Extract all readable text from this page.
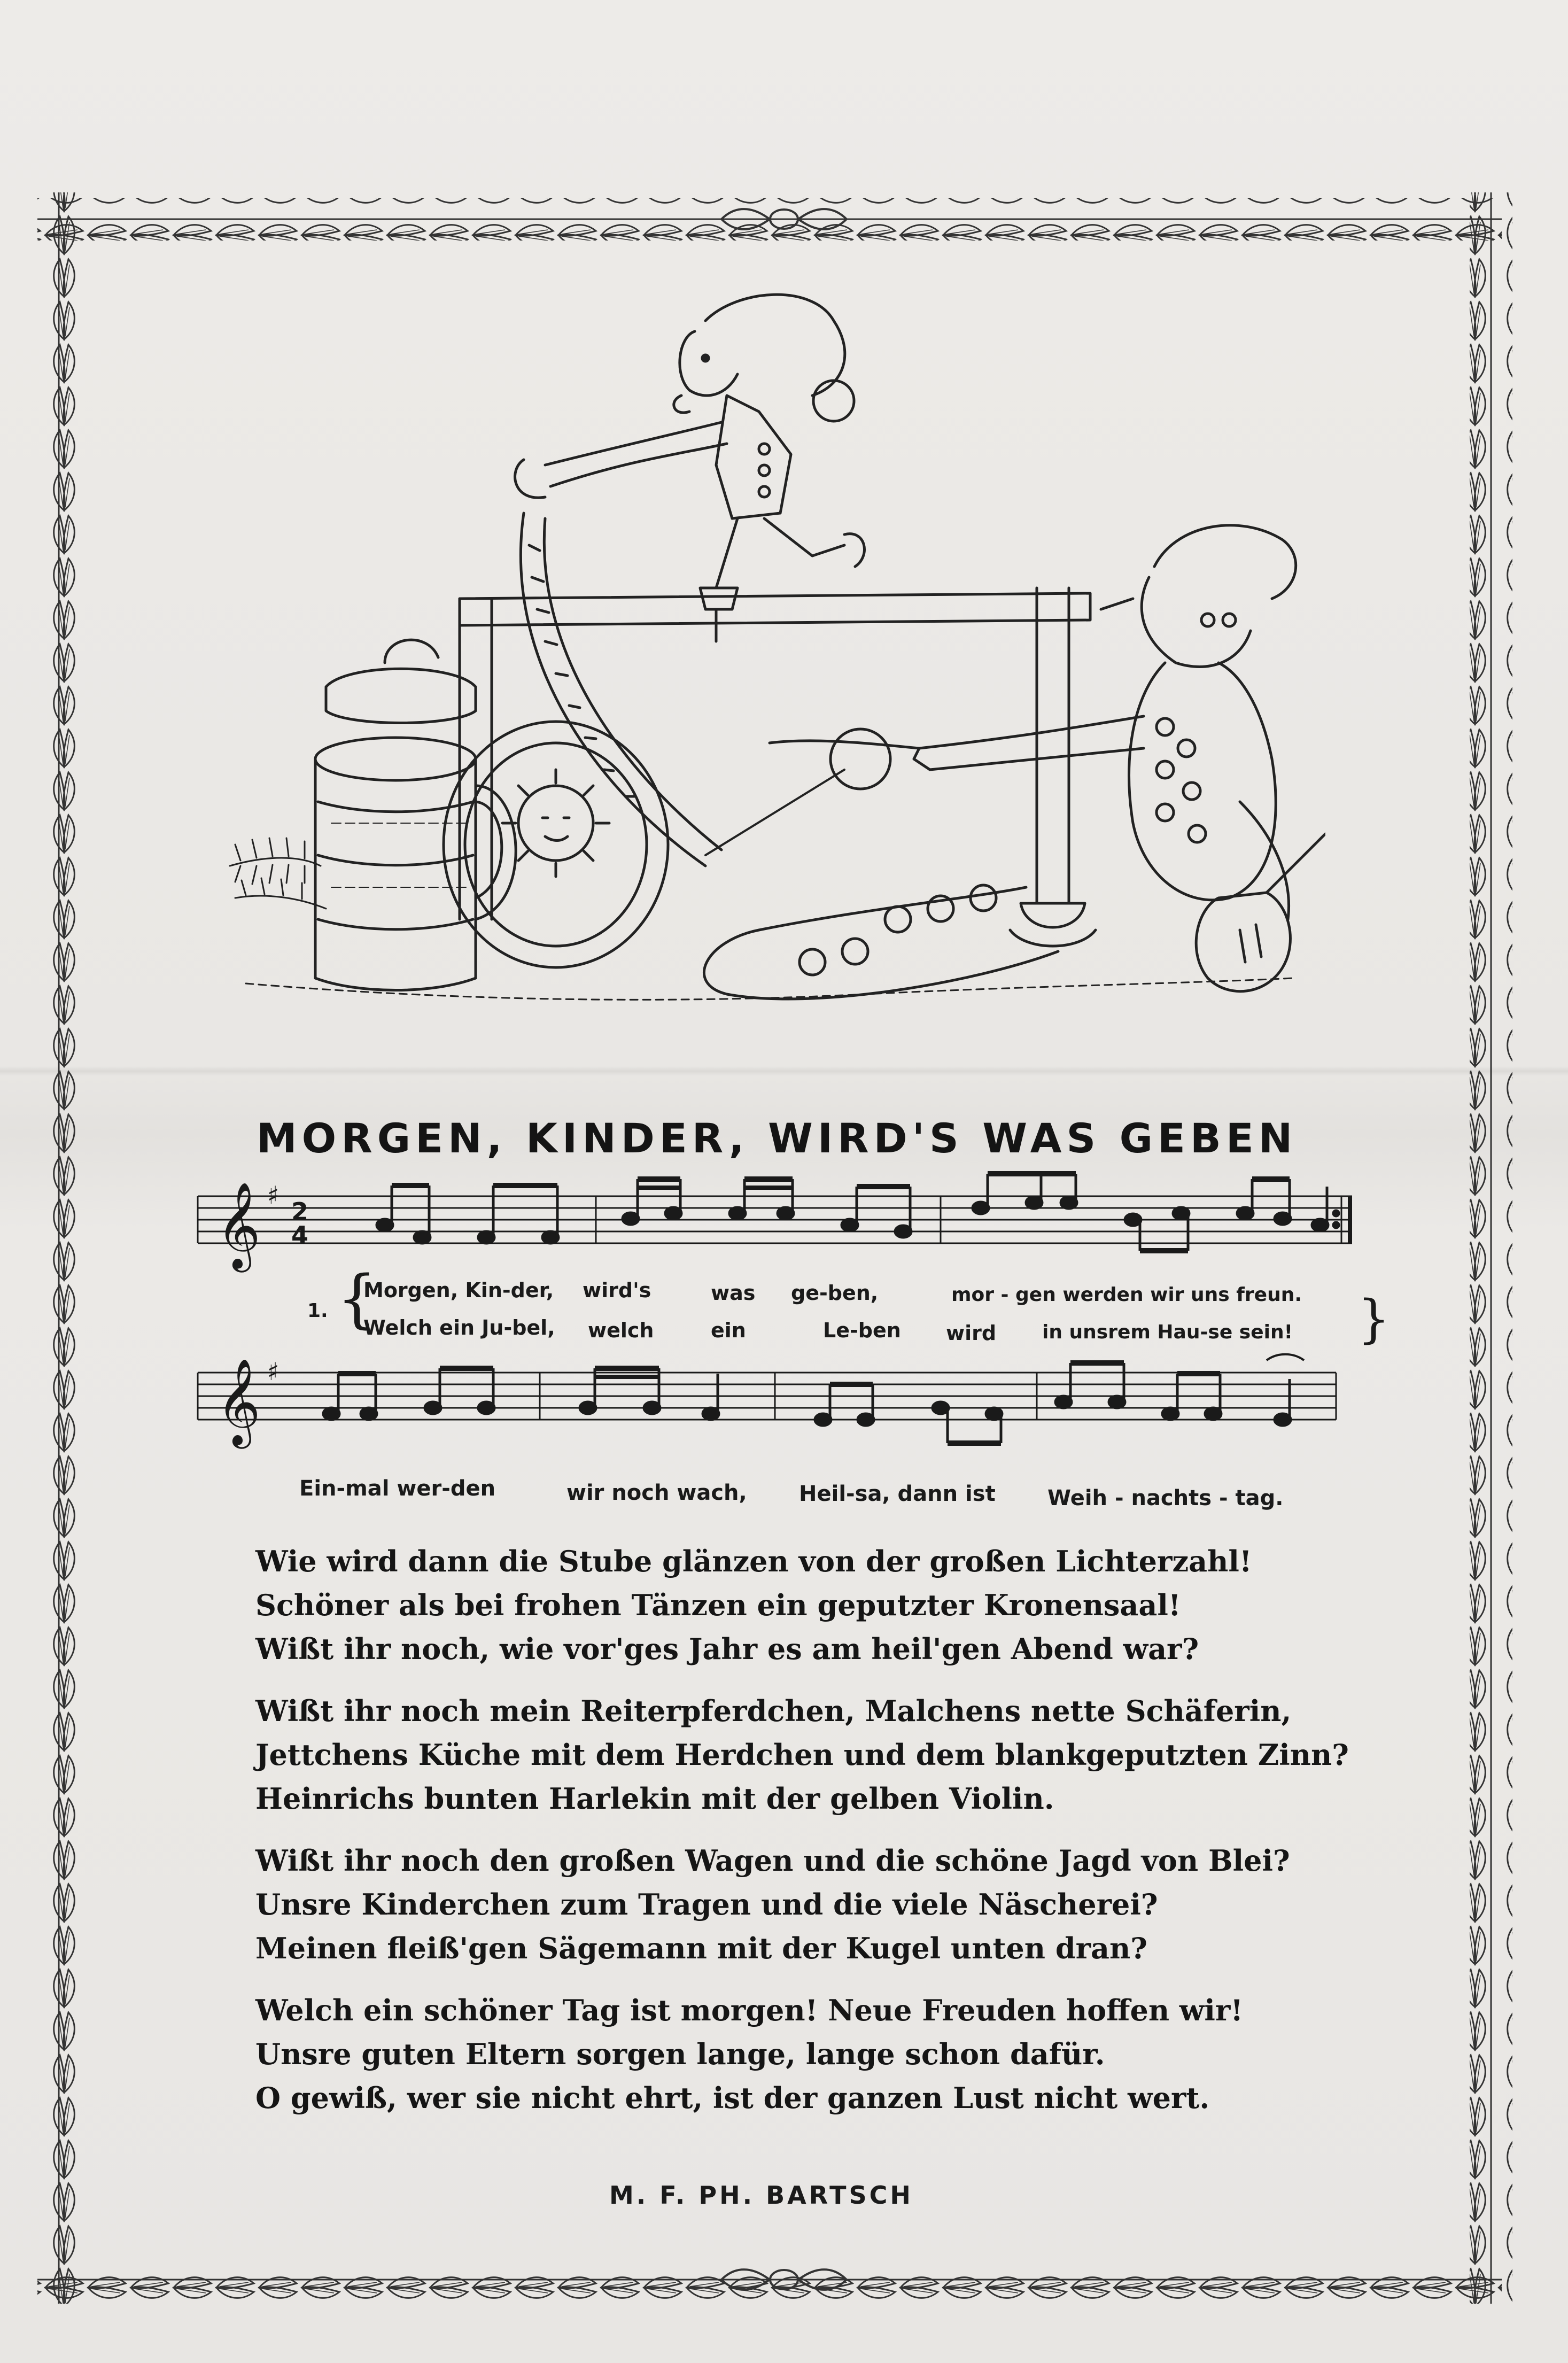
MORGEN, KINDER, WIRD'S WAS GEBEN
𝄞 ♯
2
4
𝄞 ♯
1. {	}
Morgen, Kin-der, wird's	was ge-ben,	mor - gen werden wir uns freun.
Welch ein Ju-bel, welch	ein	Le-ben wird in unsrem Hau-se sein!
Ein-mal wer-den	wir noch wach, Heil-sa, dann ist Weih - nachts - tag.
Wie wird dann die Stube glänzen von der großen Lichterzahl!
Schöner als bei frohen Tänzen ein geputzter Kronensaal!
Wißt ihr noch, wie vor'ges Jahr es am heil'gen Abend war?
Wißt ihr noch mein Reiterpferdchen, Malchens nette Schäferin,
Jettchens Küche mit dem Herdchen und dem blankgeputzten Zinn?
Heinrichs bunten Harlekin mit der gelben Violin.
Wißt ihr noch den großen Wagen und die schöne Jagd von Blei?
Unsre Kinderchen zum Tragen und die viele Näscherei?
Meinen fleiß'gen Sägemann mit der Kugel unten dran?
Welch ein schöner Tag ist morgen! Neue Freuden hoffen wir!
Unsre guten Eltern sorgen lange, lange schon dafür.
O gewiß, wer sie nicht ehrt, ist der ganzen Lust nicht wert.
M. F. PH. BARTSCH
